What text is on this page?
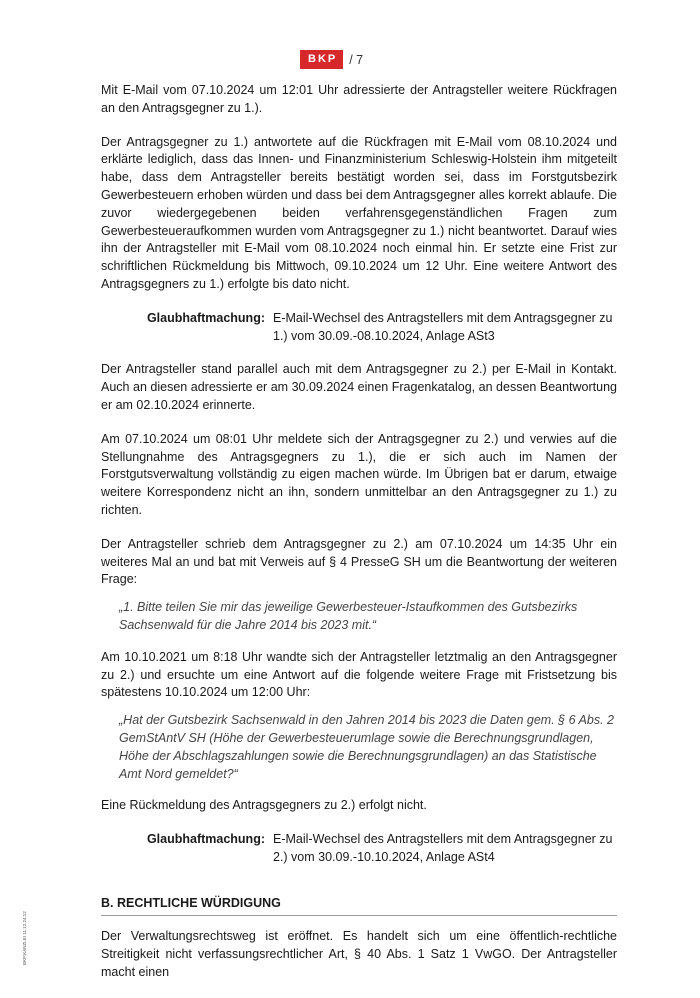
BKP / 7

Mit E-Mail vom 07.10.2024 um 12:01 Uhr adressierte der Antragsteller weitere Rückfragen an den Antragsgegner zu 1.).

Der Antragsgegner zu 1.) antwortete auf die Rückfragen mit E-Mail vom 08.10.2024 und erklärte lediglich, dass das Innen- und Finanzministerium Schleswig-Holstein ihm mitgeteilt habe, dass dem Antragsteller bereits bestätigt worden sei, dass im Forstgutsbezirk Gewerbesteuern erhoben würden und dass bei dem Antragsgegner alles korrekt ablaufe. Die zuvor wiedergegebenen beiden verfahrensgegenständlichen Fragen zum Gewerbesteueraufkommen wurden vom Antragsgegner zu 1.) nicht beantwortet. Darauf wies ihn der Antragsteller mit E-Mail vom 08.10.2024 noch einmal hin. Er setzte eine Frist zur schriftlichen Rückmeldung bis Mittwoch, 09.10.2024 um 12 Uhr. Eine weitere Antwort des Antragsgegners zu 1.) erfolgte bis dato nicht.

Glaubhaftmachung: E-Mail-Wechsel des Antragstellers mit dem Antragsgegner zu 1.) vom 30.09.-08.10.2024, Anlage ASt3

Der Antragsteller stand parallel auch mit dem Antragsgegner zu 2.) per E-Mail in Kontakt. Auch an diesen adressierte er am 30.09.2024 einen Fragenkatalog, an dessen Beantwortung er am 02.10.2024 erinnerte.

Am 07.10.2024 um 08:01 Uhr meldete sich der Antragsgegner zu 2.) und verwies auf die Stellungnahme des Antragsgegners zu 1.), die er sich auch im Namen der Forstgutsverwaltung vollständig zu eigen machen würde. Im Übrigen bat er darum, etwaige weitere Korrespondenz nicht an ihn, sondern unmittelbar an den Antragsgegner zu 1.) zu richten.

Der Antragsteller schrieb dem Antragsgegner zu 2.) am 07.10.2024 um 14:35 Uhr ein weiteres Mal an und bat mit Verweis auf § 4 PresseG SH um die Beantwortung der weiteren Frage:

„1. Bitte teilen Sie mir das jeweilige Gewerbesteuer-Istaufkommen des Gutsbezirks Sachsenwald für die Jahre 2014 bis 2023 mit.“

Am 10.10.2021 um 8:18 Uhr wandte sich der Antragsteller letztmalig an den Antragsgegner zu 2.) und ersuchte um eine Antwort auf die folgende weitere Frage mit Fristsetzung bis spätestens 10.10.2024 um 12:00 Uhr:

„Hat der Gutsbezirk Sachsenwald in den Jahren 2014 bis 2023 die Daten gem. § 6 Abs. 2 GemStAntV SH (Höhe der Gewerbesteuerumlage sowie die Berechnungsgrundlagen, Höhe der Abschlagszahlungen sowie die Berechnungsgrundlagen) an das Statistische Amt Nord gemeldet?“

Eine Rückmeldung des Antragsgegners zu 2.) erfolgt nicht.

Glaubhaftmachung: E-Mail-Wechsel des Antragstellers mit dem Antragsgegner zu 2.) vom 30.09.-10.10.2024, Anlage ASt4
B. RECHTLICHE WÜRDIGUNG

Der Verwaltungsrechtsweg ist eröffnet. Es handelt sich um eine öffentlich-rechtliche Streitigkeit nicht verfassungsrechtlicher Art, § 40 Abs. 1 Satz 1 VwGO. Der Antragsteller macht einen

BKP:KANZLEI 11.12.24:12
